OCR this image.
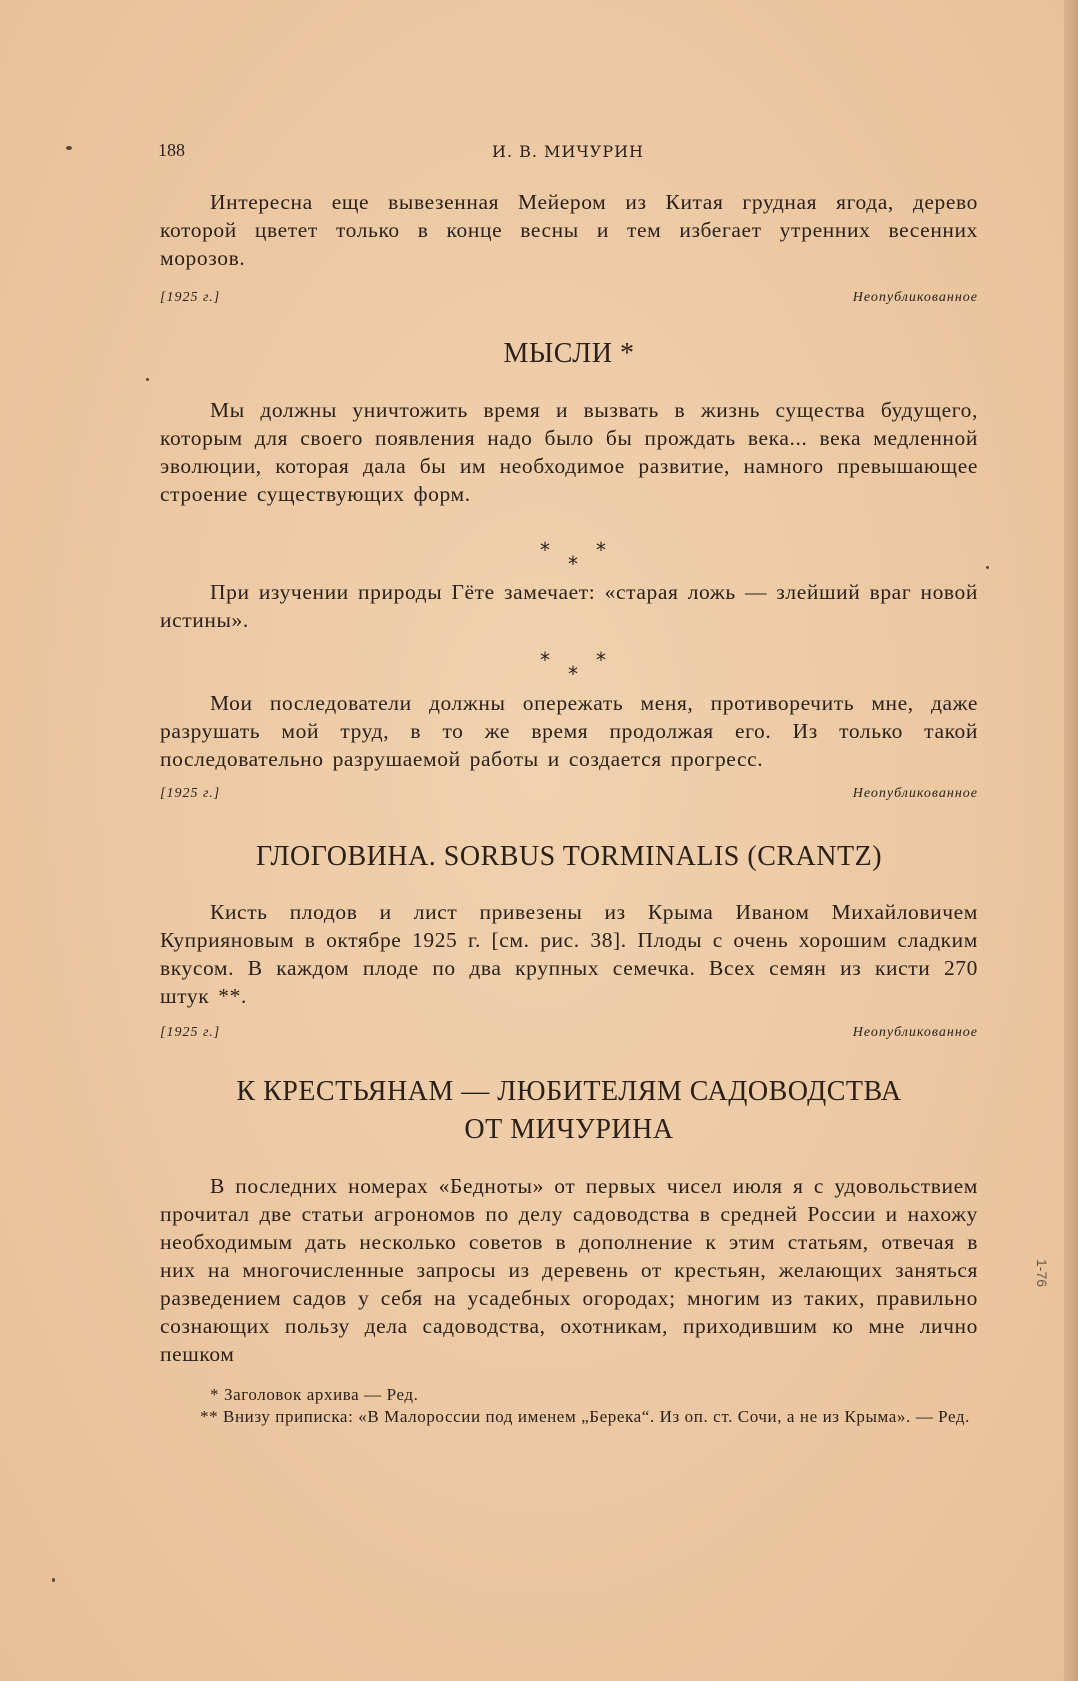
188	И. В. МИЧУРИН
Интересна еще вывезенная Мейером из Китая грудная ягода, дерево которой цветет только в конце весны и тем избегает утренних весенних морозов.
[1925 г.]	Неопубликованное
МЫСЛИ *
Мы должны уничтожить время и вызвать в жизнь существа будущего, которым для своего появления надо было бы прождать века... века медленной эволюции, которая дала бы им необходимое развитие, намного превышающее строение существующих форм.
* *
*
При изучении природы Гёте замечает: «старая ложь — злейший враг новой истины».
* *
*
Мои последователи должны опережать меня, противоречить мне, даже разрушать мой труд, в то же время продолжая его. Из только такой последовательно разрушаемой работы и создается прогресс.
[1925 г.]	Неопубликованное
ГЛОГОВИНА. SORBUS TORMINALIS (CRANTZ)
Кисть плодов и лист привезены из Крыма Иваном Михайловичем Куприяновым в октябре 1925 г. [см. рис. 38]. Плоды с очень хорошим сладким вкусом. В каждом плоде по два крупных семечка. Всех семян из кисти 270 штук **.
[1925 г.]	Неопубликованное
К КРЕСТЬЯНАМ — ЛЮБИТЕЛЯМ САДОВОДСТВА
ОТ МИЧУРИНА
В последних номерах «Бедноты» от первых чисел июля я с удовольствием прочитал две статьи агрономов по делу садоводства в средней России и нахожу необходимым дать несколько советов в дополнение к этим статьям, отвечая в них на многочисленные запросы из деревень от крестьян, желающих заняться разведением садов у себя на усадебных огородах; многим из таких, правильно сознающих пользу дела садоводства, охотникам, приходившим ко мне лично пешком

* Заголовок архива — Ред.

** Внизу приписка: «В Малороссии под именем „Берека“. Из оп. ст. Сочи, а не из Крыма». — Ред.

1-76
